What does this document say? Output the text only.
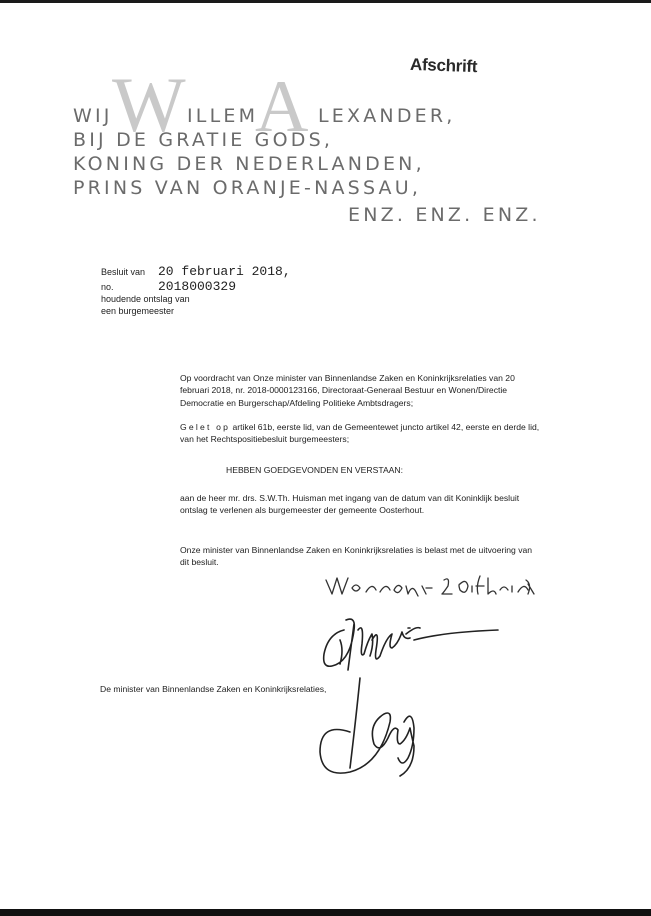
Afschrift
W A
WIJ	ILLEM	LEXANDER,
BIJ DE GRATIE GODS,
KONING DER NEDERLANDEN,
PRINS VAN ORANJE-NASSAU,
ENZ. ENZ. ENZ.
Besluit van 20 februari 2018,
no.	2018000329
houdende ontslag van
een burgemeester
Op voordracht van Onze minister van Binnenlandse Zaken en Koninkrijksrelaties van 20 februari 2018, nr. 2018-0000123166, Directoraat-Generaal Bestuur en Wonen/Directie Democratie en Burgerschap/Afdeling Politieke Ambtsdragers;
Gelet op artikel 61b, eerste lid, van de Gemeentewet juncto artikel 42, eerste en derde lid, van het Rechtspositiebesluit burgemeesters;
HEBBEN GOEDGEVONDEN EN VERSTAAN:
aan de heer mr. drs. S.W.Th. Huisman met ingang van de datum van dit Koninklijk besluit ontslag te verlenen als burgemeester der gemeente Oosterhout.
Onze minister van Binnenlandse Zaken en Koninkrijksrelaties is belast met de uitvoering van dit besluit.
De minister van Binnenlandse Zaken en Koninkrijksrelaties,
